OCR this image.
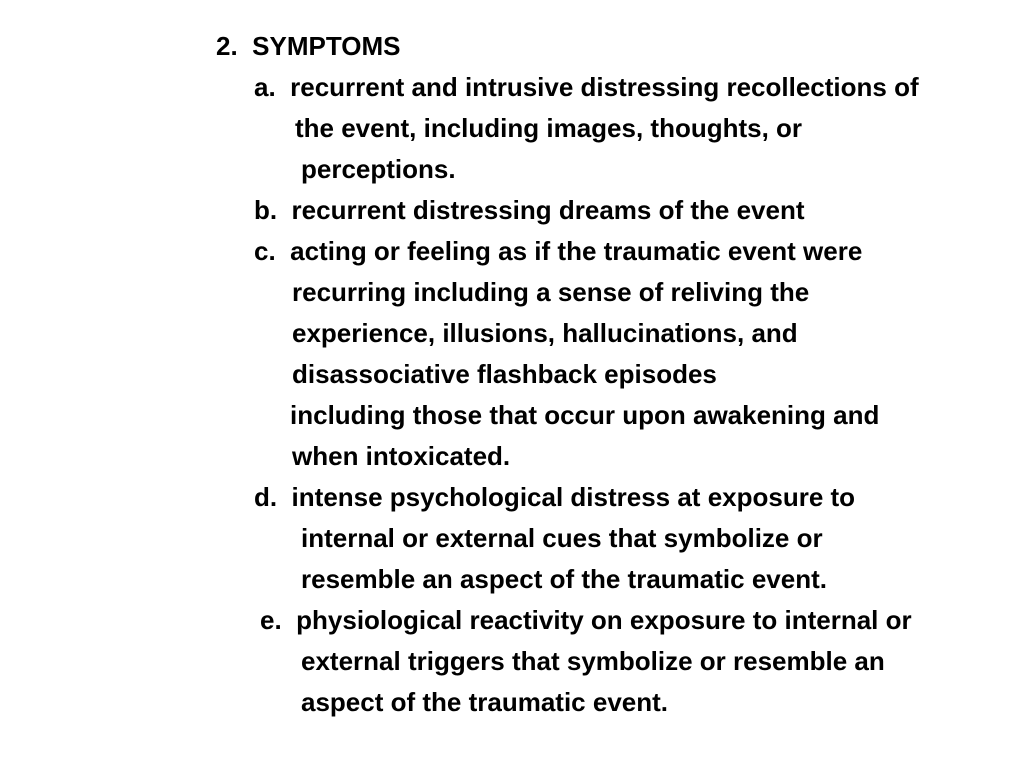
2.  SYMPTOMS
a.  recurrent and intrusive distressing recollections of
the event, including images, thoughts, or
perceptions.
b.  recurrent distressing dreams of the event
c.  acting or feeling as if the traumatic event were
recurring including a sense of reliving the
experience, illusions, hallucinations, and
disassociative flashback episodes
including those that occur upon awakening and
when intoxicated.
d.  intense psychological distress at exposure to
internal or external cues that symbolize or
resemble an aspect of the traumatic event.
e.  physiological reactivity on exposure to internal or
external triggers that symbolize or resemble an
aspect of the traumatic event.
